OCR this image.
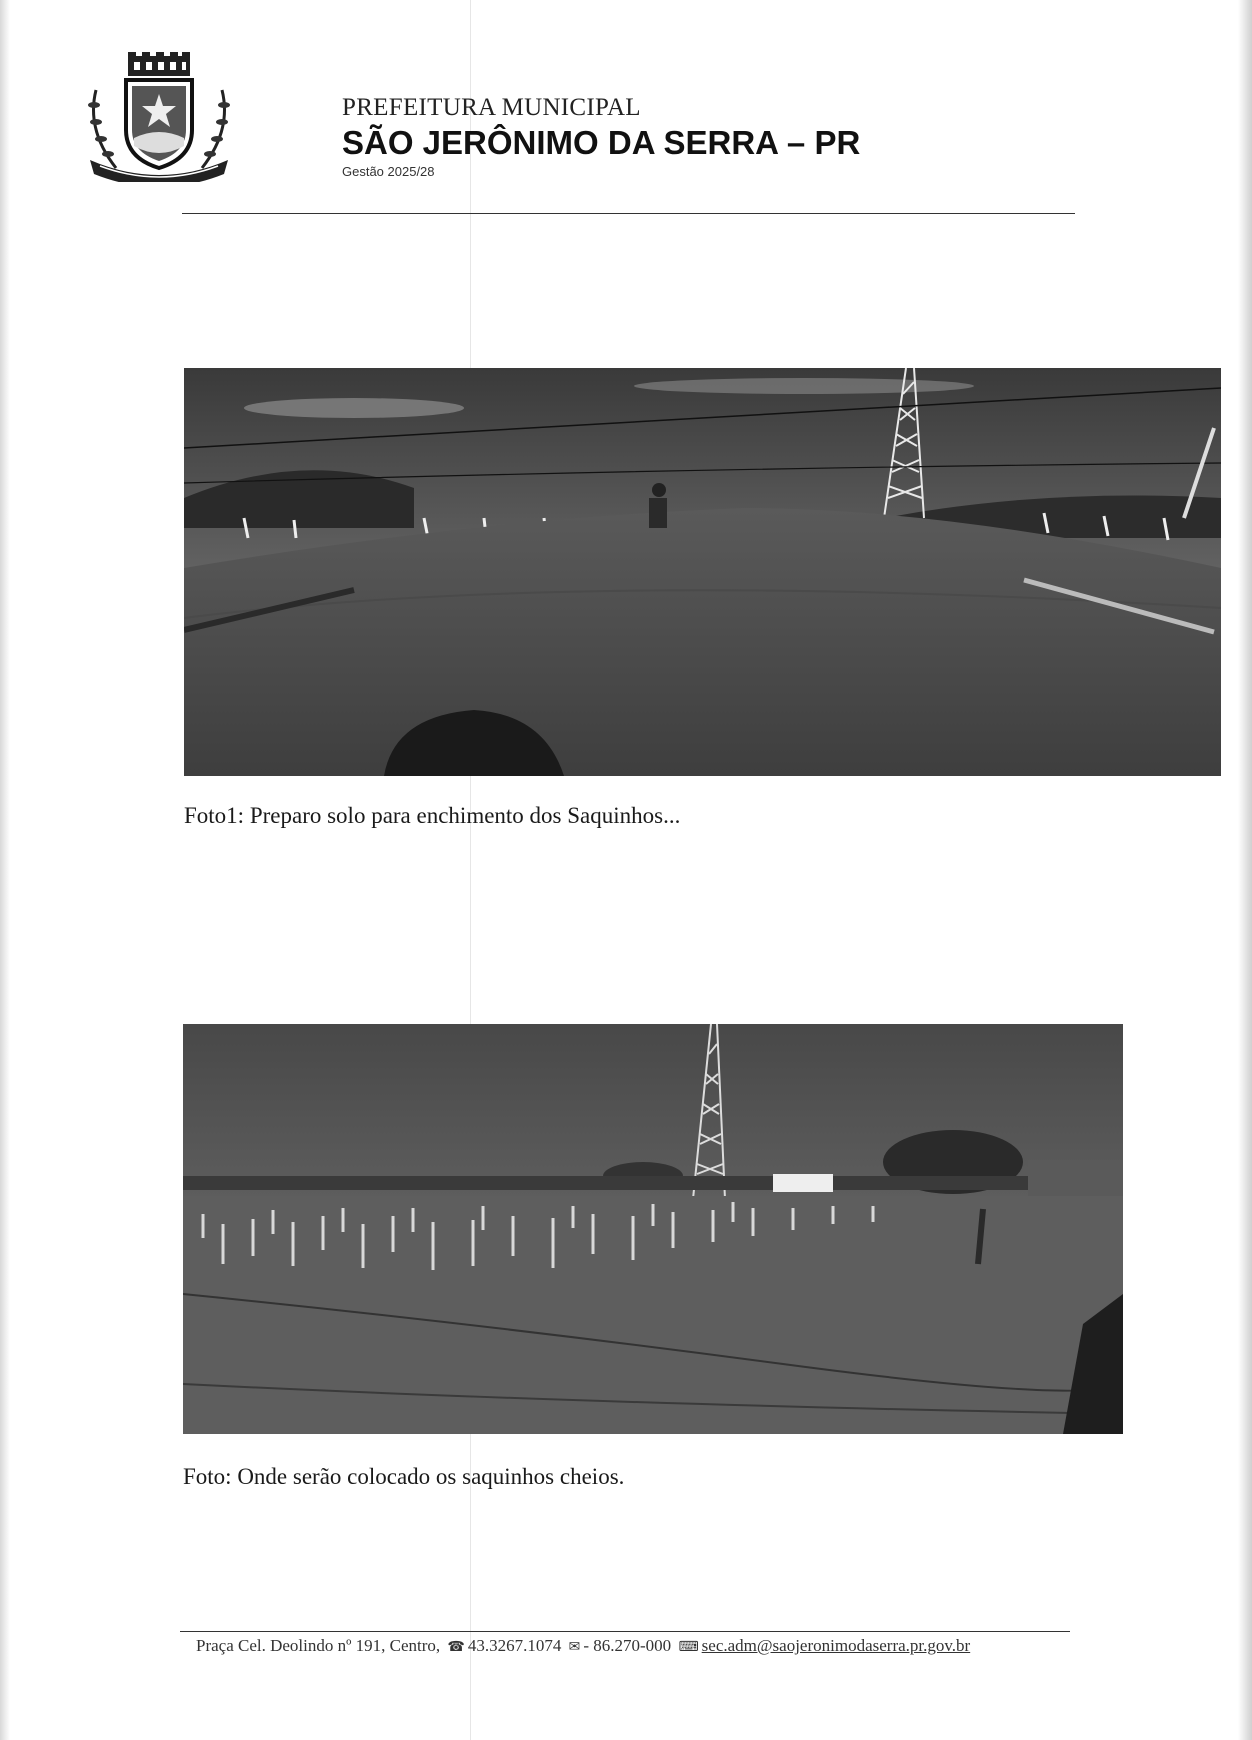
PREFEITURA MUNICIPAL
SÃO JERÔNIMO DA SERRA – PR
Gestão 2025/28
Foto1: Preparo solo para enchimento dos Saquinhos...
Foto: Onde serão colocado os saquinhos cheios.
Praça Cel. Deolindo nº 191, Centro, ☎ 43.3267.1074 ✉ - 86.270-000 ⌨ sec.adm@saojeronimodaserra.pr.gov.br
